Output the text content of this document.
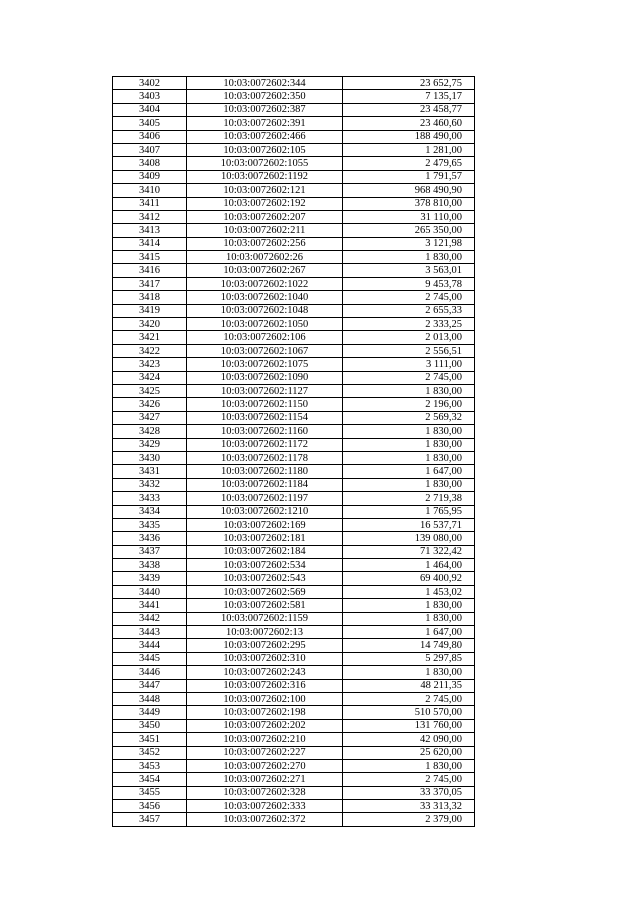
3402	10:03:0072602:344	23 652,75
3403	10:03:0072602:350	7 135,17
3404	10:03:0072602:387	23 458,77
3405	10:03:0072602:391	23 460,60
3406	10:03:0072602:466	188 490,00
3407	10:03:0072602:105	1 281,00
3408	10:03:0072602:1055	2 479,65
3409	10:03:0072602:1192	1 791,57
3410	10:03:0072602:121	968 490,90
3411	10:03:0072602:192	378 810,00
3412	10:03:0072602:207	31 110,00
3413	10:03:0072602:211	265 350,00
3414	10:03:0072602:256	3 121,98
3415	10:03:0072602:26	1 830,00
3416	10:03:0072602:267	3 563,01
3417	10:03:0072602:1022	9 453,78
3418	10:03:0072602:1040	2 745,00
3419	10:03:0072602:1048	2 655,33
3420	10:03:0072602:1050	2 333,25
3421	10:03:0072602:106	2 013,00
3422	10:03:0072602:1067	2 556,51
3423	10:03:0072602:1075	3 111,00
3424	10:03:0072602:1090	2 745,00
3425	10:03:0072602:1127	1 830,00
3426	10:03:0072602:1150	2 196,00
3427	10:03:0072602:1154	2 569,32
3428	10:03:0072602:1160	1 830,00
3429	10:03:0072602:1172	1 830,00
3430	10:03:0072602:1178	1 830,00
3431	10:03:0072602:1180	1 647,00
3432	10:03:0072602:1184	1 830,00
3433	10:03:0072602:1197	2 719,38
3434	10:03:0072602:1210	1 765,95
3435	10:03:0072602:169	16 537,71
3436	10:03:0072602:181	139 080,00
3437	10:03:0072602:184	71 322,42
3438	10:03:0072602:534	1 464,00
3439	10:03:0072602:543	69 400,92
3440	10:03:0072602:569	1 453,02
3441	10:03:0072602:581	1 830,00
3442	10:03:0072602:1159	1 830,00
3443	10:03:0072602:13	1 647,00
3444	10:03:0072602:295	14 749,80
3445	10:03:0072602:310	5 297,85
3446	10:03:0072602:243	1 830,00
3447	10:03:0072602:316	48 211,35
3448	10:03:0072602:100	2 745,00
3449	10:03:0072602:198	510 570,00
3450	10:03:0072602:202	131 760,00
3451	10:03:0072602:210	42 090,00
3452	10:03:0072602:227	25 620,00
3453	10:03:0072602:270	1 830,00
3454	10:03:0072602:271	2 745,00
3455	10:03:0072602:328	33 370,05
3456	10:03:0072602:333	33 313,32
3457	10:03:0072602:372	2 379,00
